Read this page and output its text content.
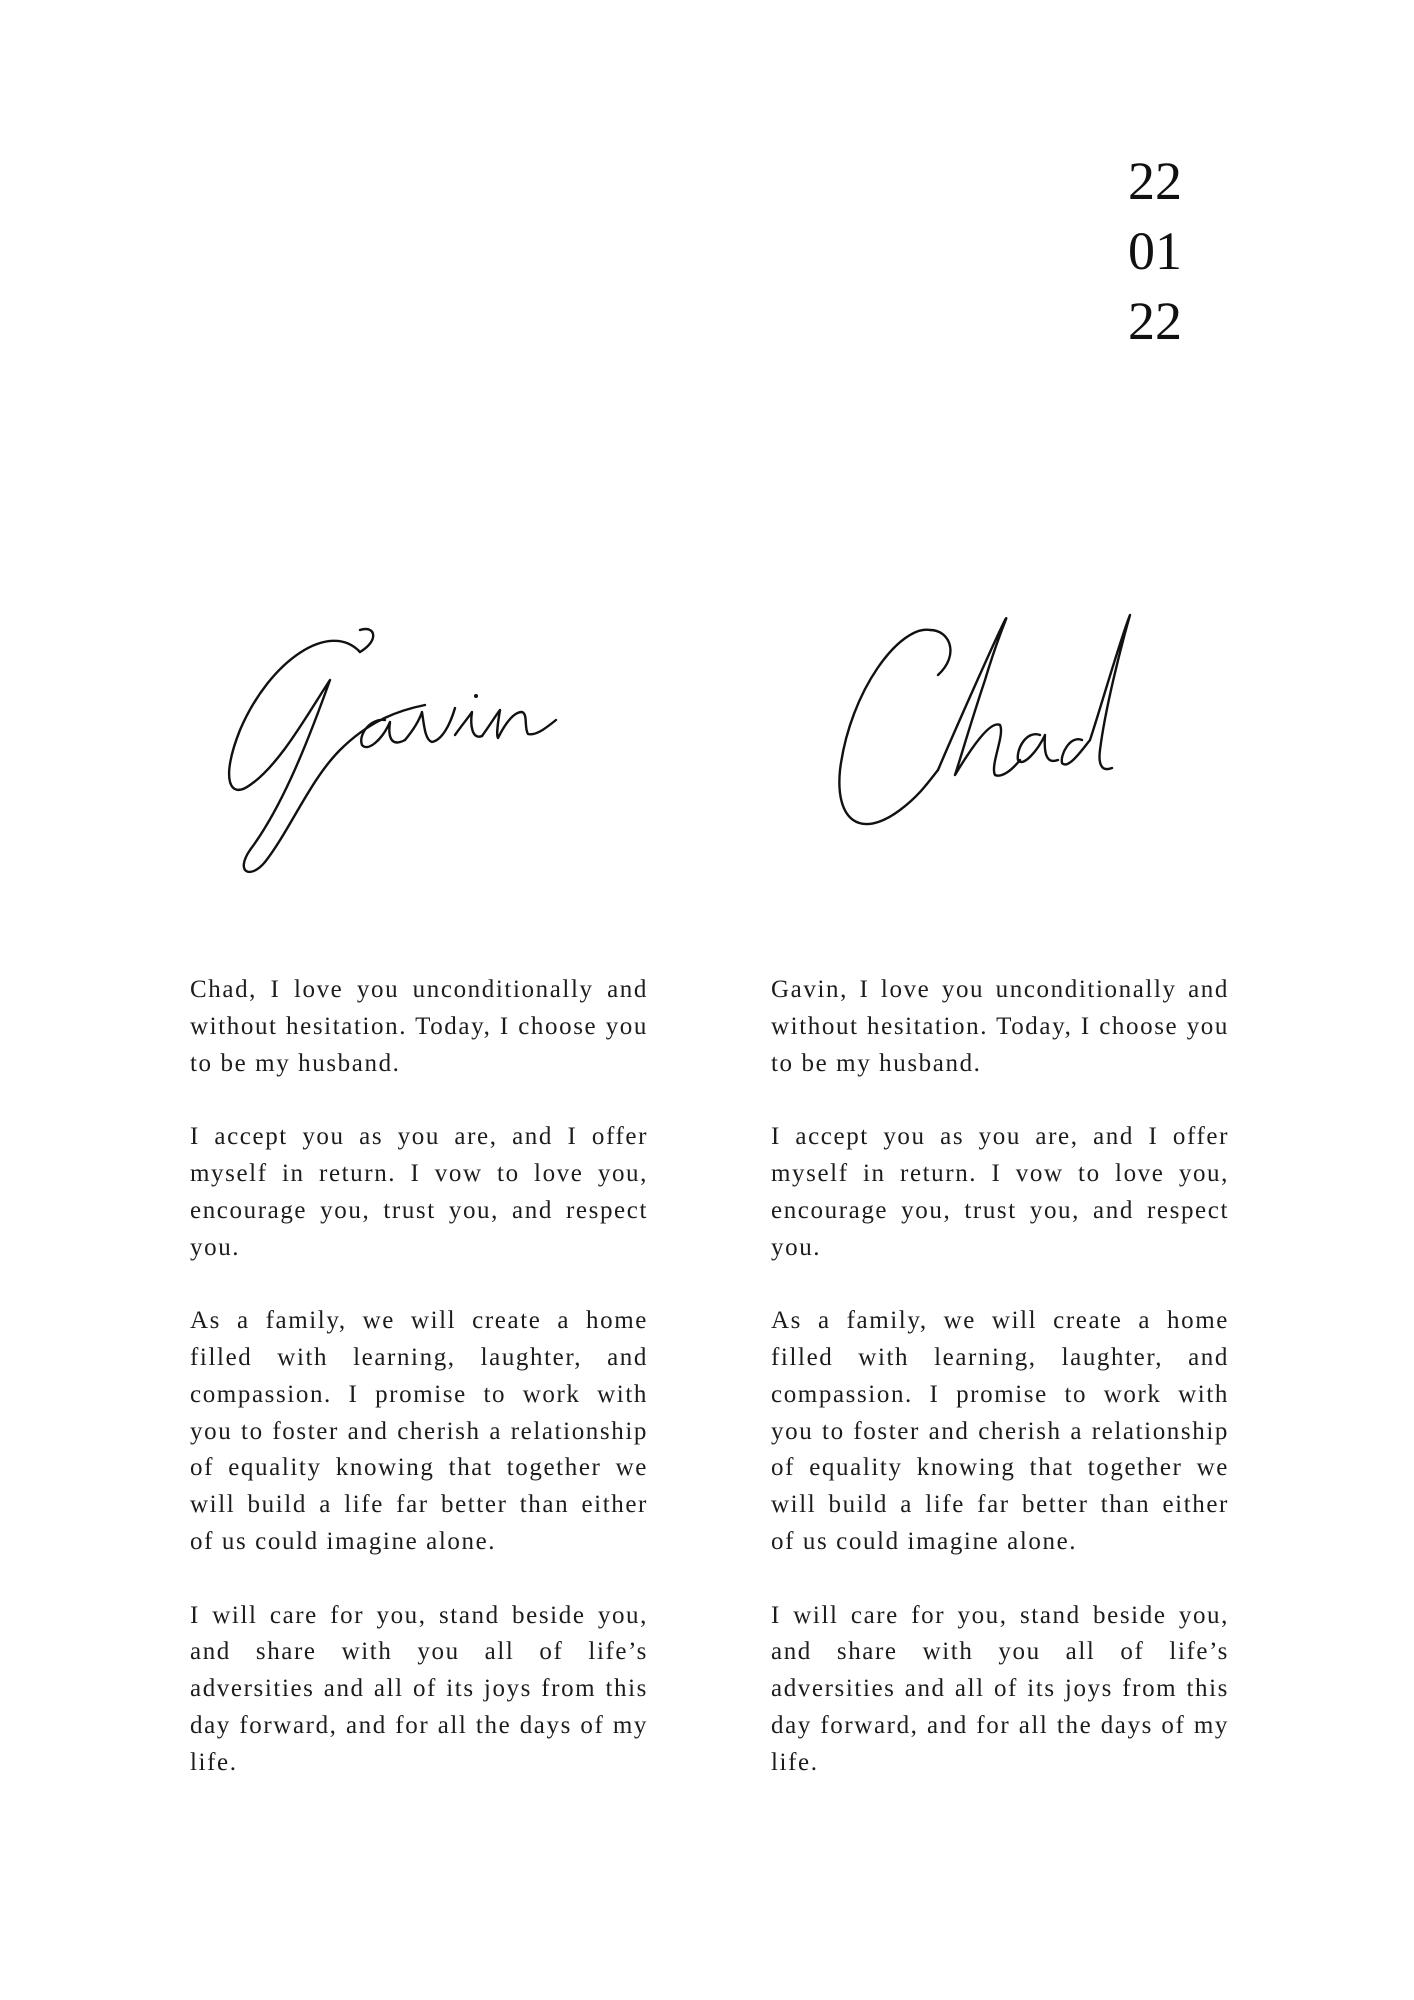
22
01
22

Chad, I love you unconditionally and without hesitation. Today, I choose you to be my husband.

I accept you as you are, and I offer myself in return. I vow to love you, encourage you, trust you, and respect you.

As a family, we will create a home filled with learning, laughter, and compassion. I promise to work with you to foster and cherish a relationship of equality knowing that together we will build a life far better than either of us could imagine alone.

I will care for you, stand beside you, and share with you all of life’s adversities and all of its joys from this day forward, and for all the days of my life.

Gavin, I love you unconditionally and without hesitation. Today, I choose you to be my husband.

I accept you as you are, and I offer myself in return. I vow to love you, encourage you, trust you, and respect you.

As a family, we will create a home filled with learning, laughter, and compassion. I promise to work with you to foster and cherish a relationship of equality knowing that together we will build a life far better than either of us could imagine alone.

I will care for you, stand beside you, and share with you all of life’s adversities and all of its joys from this day forward, and for all the days of my life.
